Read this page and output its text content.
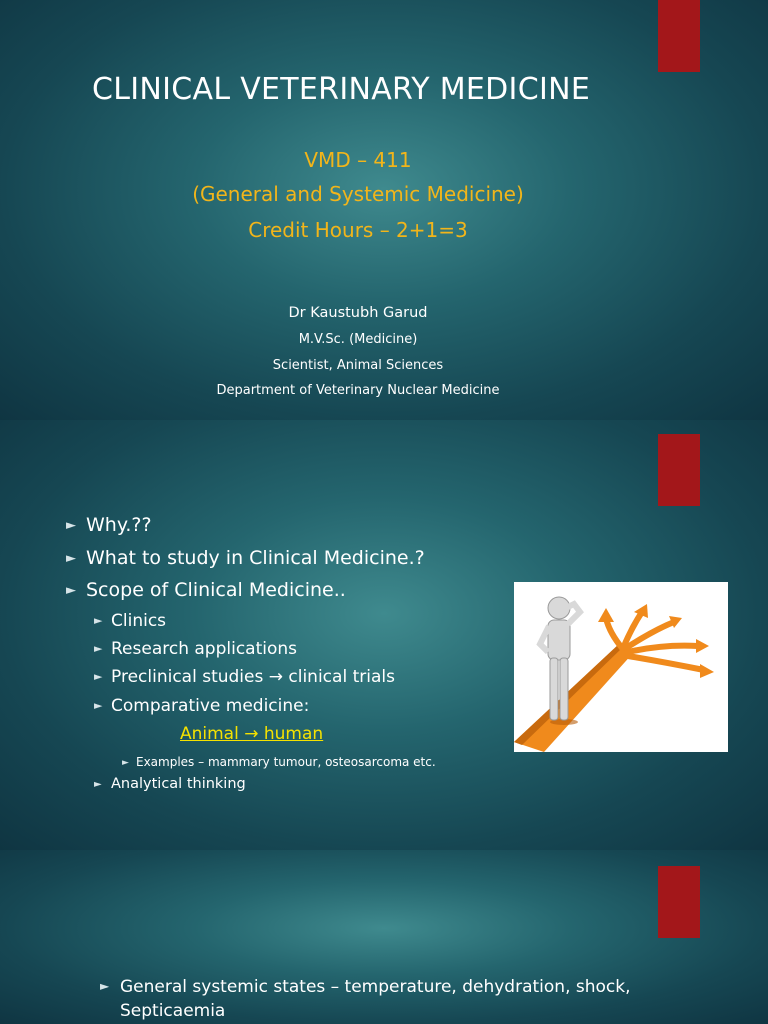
CLINICAL VETERINARY MEDICINE
VMD – 411
(General and Systemic Medicine)
Credit Hours – 2+1=3
Dr Kaustubh Garud
M.V.Sc. (Medicine)
Scientist, Animal Sciences
Department of Veterinary Nuclear Medicine
► Why.??
► What to study in Clinical Medicine.?
► Scope of Clinical Medicine..
► Clinics
► Research applications
► Preclinical studies → clinical trials
► Comparative medicine:
Animal → human
► Examples – mammary tumour, osteosarcoma etc.
► Analytical thinking
► General systemic states – temperature, dehydration, shock,
Septicaemia
